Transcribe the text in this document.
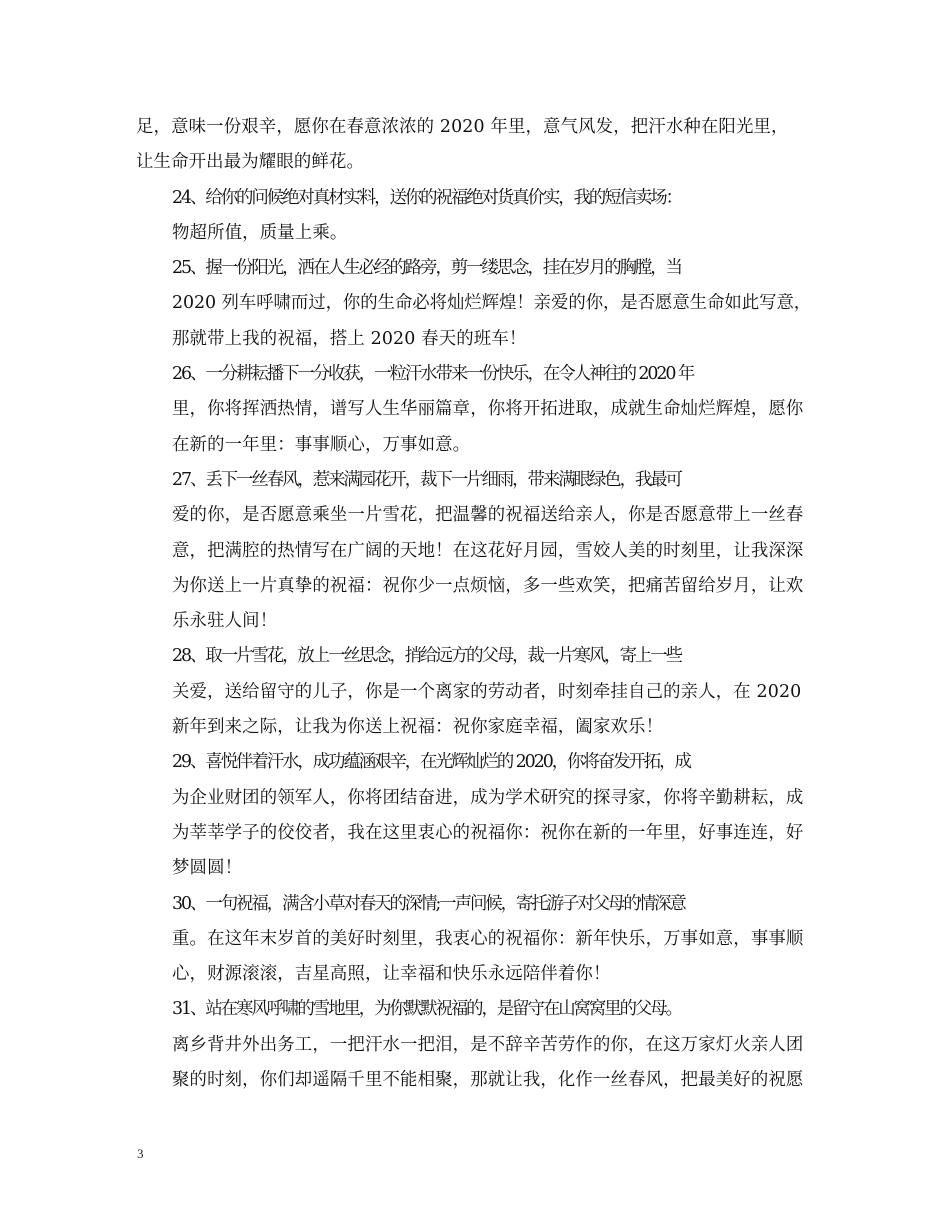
足，意味一份艰辛，愿你在春意浓浓的 2020 年里，意气风发，把汗水种在阳光里，
让生命开出最为耀眼的鲜花。

24、给你的问候绝对真材实料，送你的祝福绝对货真价实，我的短信卖场：
物超所值，质量上乘。

25、握一份阳光，洒在人生必经的路旁，剪一缕思念，挂在岁月的胸膛，当
2020 列车呼啸而过，你的生命必将灿烂辉煌！亲爱的你，是否愿意生命如此写意，
那就带上我的祝福，搭上 2020 春天的班车！

26、一分耕耘播下一分收获，一粒汗水带来一份快乐，在令人神往的 2020 年
里，你将挥洒热情，谱写人生华丽篇章，你将开拓进取，成就生命灿烂辉煌，愿你
在新的一年里：事事顺心，万事如意。

27、丢下一丝春风，惹来满园花开，裁下一片细雨，带来满眼绿色，我最可
爱的你，是否愿意乘坐一片雪花，把温馨的祝福送给亲人，你是否愿意带上一丝春
意，把满腔的热情写在广阔的天地！在这花好月园，雪姣人美的时刻里，让我深深
为你送上一片真挚的祝福：祝你少一点烦恼，多一些欢笑，把痛苦留给岁月，让欢
乐永驻人间！

28、取一片雪花，放上一丝思念，捎给远方的父母，裁一片寒风，寄上一些
关爱，送给留守的儿子，你是一个离家的劳动者，时刻牵挂自己的亲人，在 2020
新年到来之际，让我为你送上祝福：祝你家庭幸福，阖家欢乐！

29、喜悦伴着汗水，成功蕴涵艰辛，在光辉灿烂的 2020，你将奋发开拓，成
为企业财团的领军人，你将团结奋进，成为学术研究的探寻家，你将辛勤耕耘，成
为莘莘学子的佼佼者，我在这里衷心的祝福你：祝你在新的一年里，好事连连，好
梦圆圆！

30、一句祝福，满含小草对春天的深情;一声问候，寄托游子对父母的情深意
重。在这年末岁首的美好时刻里，我衷心的祝福你：新年快乐，万事如意，事事顺
心，财源滚滚，吉星高照，让幸福和快乐永远陪伴着你！

31、站在寒风呼啸的雪地里，为你默默祝福的，是留守在山窝窝里的父母。
离乡背井外出务工，一把汗水一把泪，是不辞辛苦劳作的你，在这万家灯火亲人团
聚的时刻，你们却遥隔千里不能相聚，那就让我，化作一丝春风，把最美好的祝愿

3
